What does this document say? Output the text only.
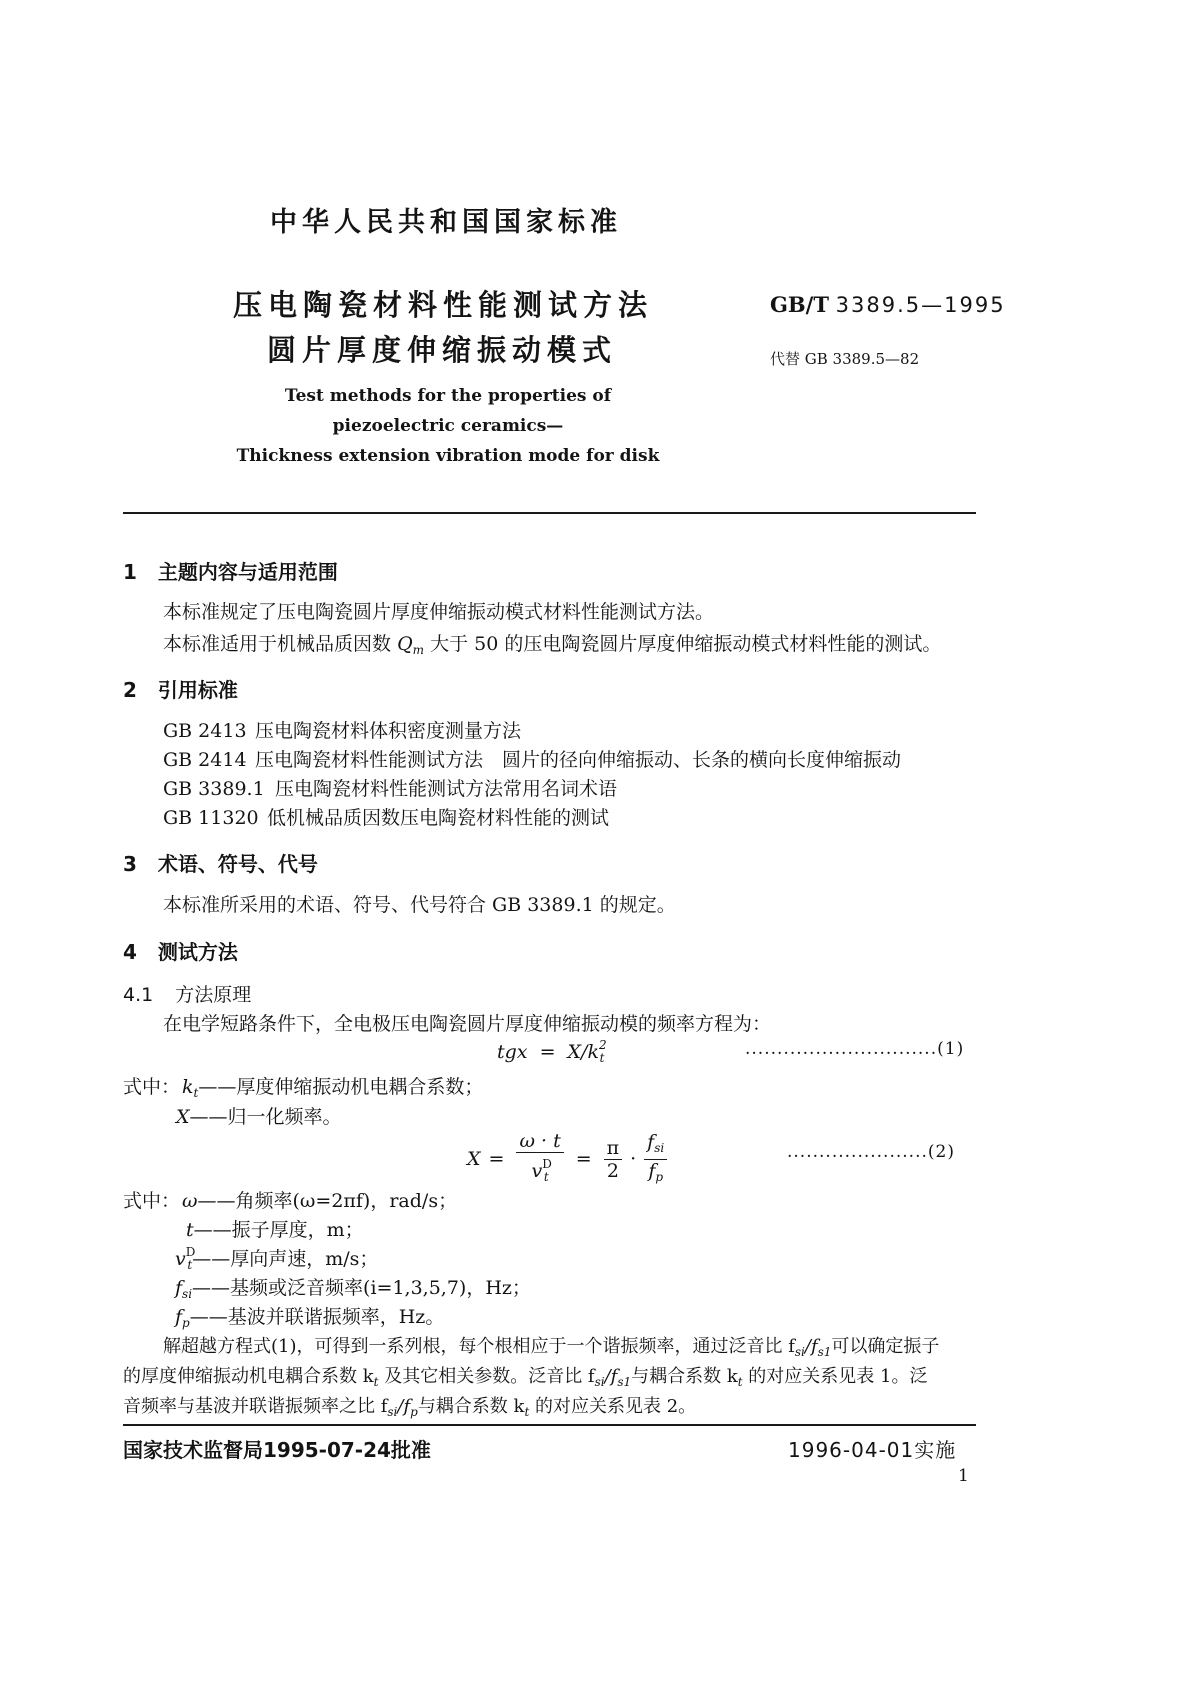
中华人民共和国国家标准
压电陶瓷材料性能测试方法
圆片厚度伸缩振动模式
GB/T 3389.5—1995
代替 GB 3389.5—82
Test methods for the properties of
piezoelectric ceramics—
Thickness extension vibration mode for disk
1 主题内容与适用范围
本标准规定了压电陶瓷圆片厚度伸缩振动模式材料性能测试方法。
本标准适用于机械品质因数 $Q_m$ 大于 50 的压电陶瓷圆片厚度伸缩振动模式材料性能的测试。
2 引用标准
GB 2413 压电陶瓷材料体积密度测量方法
GB 2414 压电陶瓷材料性能测试方法　圆片的径向伸缩振动、长条的横向长度伸缩振动
GB 3389.1 压电陶瓷材料性能测试方法常用名词术语
GB 11320 低机械品质因数压电陶瓷材料性能的测试
3 术语、符号、代号
本标准所采用的术语、符号、代号符合 GB 3389.1 的规定。
4 测试方法
4.1 方法原理
在电学短路条件下，全电极压电陶瓷圆片厚度伸缩振动模的频率方程为：
tgx = $X/k^2_t$	..............................(1)
式中： $k_t——$厚度伸缩振动机电耦合系数；
X——归一化频率。
$X = \frac{\omega \cdot t}{v^D_t} = \frac{\pi}{2} \cdot \frac{f_{si}}{f_p}$	......................(2)
式中： ω——角频率(ω=2πf)，rad/s；
t——振子厚度，m；
$v^D_t——$厚向声速，m/s；
$f_{si}——$基频或泛音频率(i=1,3,5,7)，Hz；
$f_p——$基波并联谐振频率，Hz。
解超越方程式(1)，可得到一系列根，每个根相应于一个谐振频率，通过泛音比 $f_{si}/f_{s1}$可以确定振子
的厚度伸缩振动机电耦合系数 $k_t$ 及其它相关参数。泛音比 $f_{si}/f_{s1}$与耦合系数 $k_t$ 的对应关系见表 1。泛
音频率与基波并联谐振频率之比 $f_{si}/f_p$与耦合系数 $k_t$ 的对应关系见表 2。
国家技术监督局1995-07-24批准	1996-04-01实施
1
